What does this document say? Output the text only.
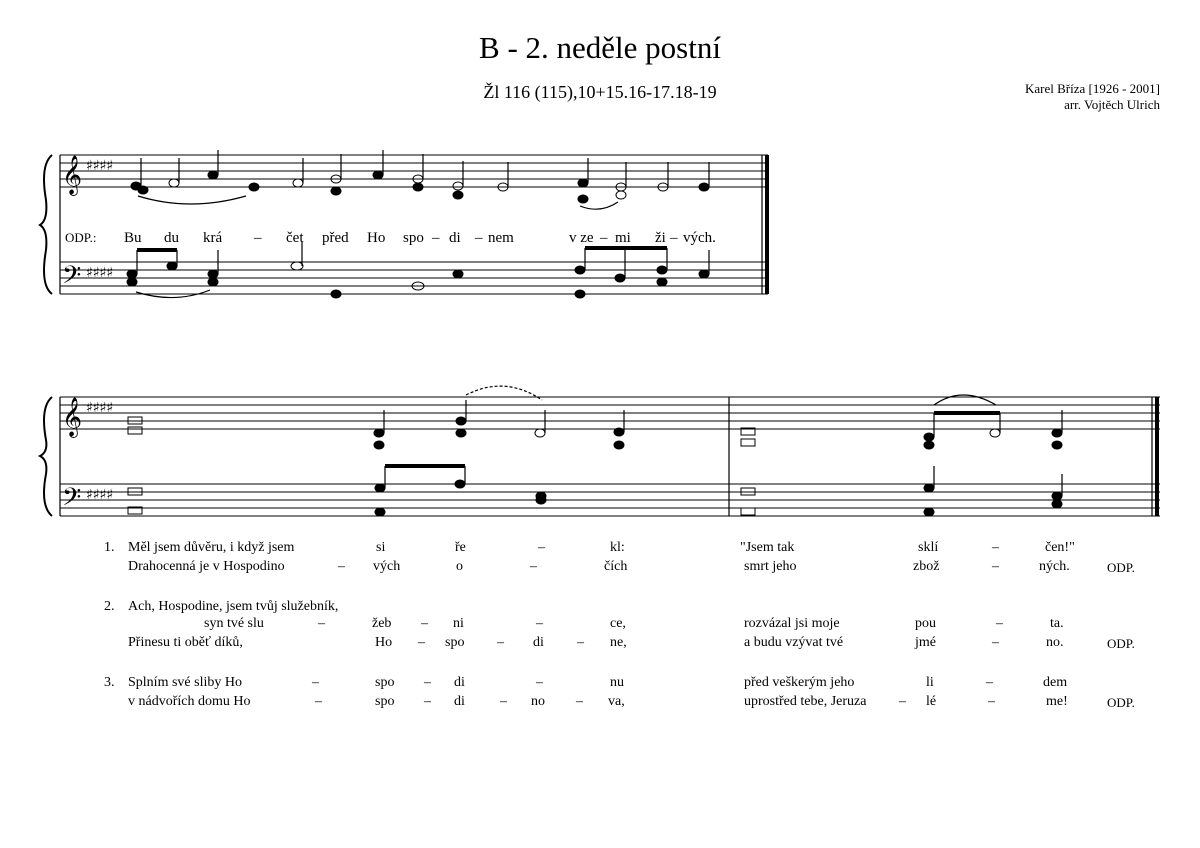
B - 2. neděle postní
Žl 116 (115),10+15.16-17.18-19	Karel Bříza [1926 - 2001]
arr. Vojtěch Ulrich
𝄞
𝄢
♯♯♯♯
♯♯♯♯
ODP.: Bu du krá – čet před Ho spo – di – nem	v ze – mi ži – vých.
𝄞
𝄢
♯♯♯♯
♯♯♯♯
1. Měl jsem důvěru, i když jsem	si	ře	–	kl:	"Jsem tak	sklí	–	čen!"
Drahocenná je v Hospodino	– vých	o	–	čích	smrt jeho	zbož	–	ných.	ODP.
2. Ach, Hospodine, jsem tvůj služebník,
syn tvé slu	–	žeb – ni	–	ce,	rozvázal jsi moje	pou	–	ta.
Přinesu ti oběť díků,	Ho – spo – di – ne,	a budu vzývat tvé	jmé	–	no.	ODP.
3. Splním své sliby Ho	–	spo – di	–	nu	před veškerým jeho	li	–	dem
v nádvořích domu Ho	–	spo – di	– no – va,	uprostřed tebe, Jeruza – lé	–	me!	ODP.
